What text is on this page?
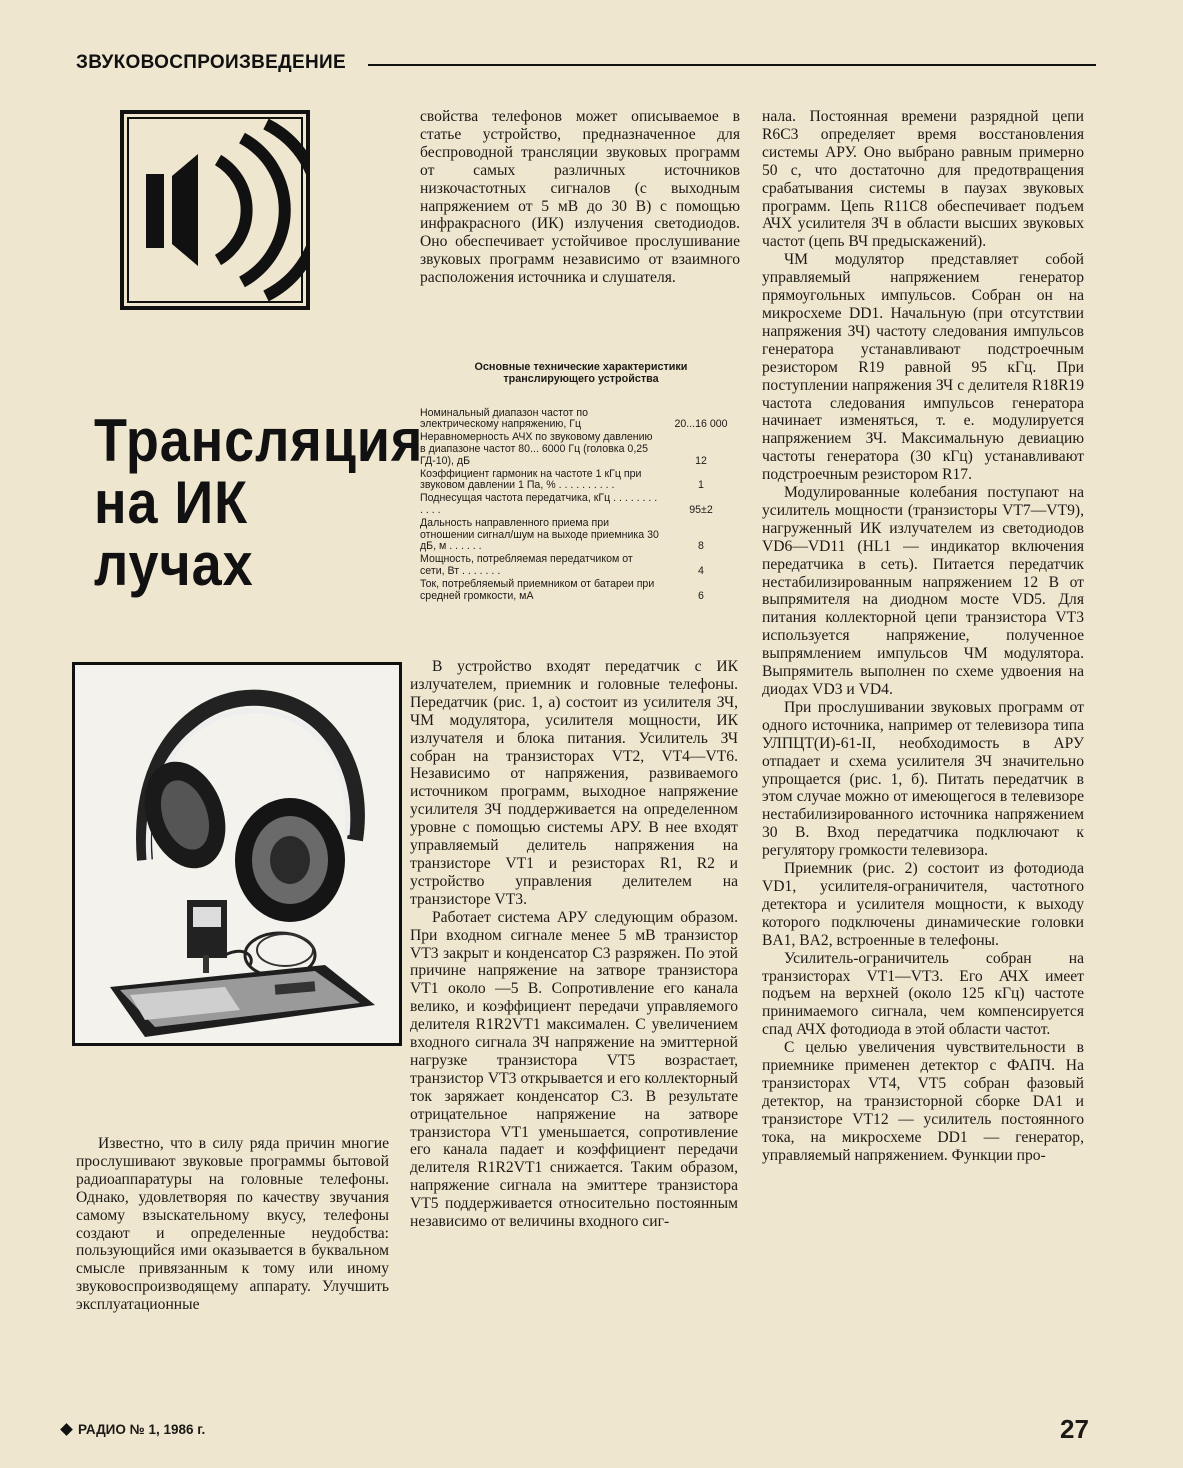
ЗВУКОВОСПРОИЗВЕДЕНИЕ
Трансляция
на ИК лучах
Основные технические характеристики
транслирующего устройства
Номинальный диапазон частот по электрическому напряжению, Гц	20...16 000
Неравномерность АЧХ по звуковому давлению в диапазоне частот 80... 6000 Гц (головка 0,25 ГД-10), дБ	12
Коэффициент гармоник на частоте 1 кГц при звуковом давлении 1 Па, % . . . . . . . . . .	1
Поднесущая частота передатчика, кГц . . . . . . . . . . . .	95±2
Дальность направленного приема при отношении сигнал/шум на выходе приемника 30 дБ, м . . . . . .	8
Мощность, потребляемая передатчиком от сети, Вт . . . . . . .	4
Ток, потребляемый приемником от батареи при средней громкости, мА	6

Известно, что в силу ряда причин многие прослушивают звуковые программы бытовой радиоаппаратуры на головные телефоны. Однако, удовлетворяя по качеству звучания самому взыскательному вкусу, телефоны создают и определенные неудобства: пользующийся ими оказывается в буквальном смысле привязанным к тому или иному звуковоспроизводящему аппарату. Улучшить эксплуатационные

свойства телефонов может описываемое в статье устройство, предназначенное для беспроводной трансляции звуковых программ от самых различных источников низкочастотных сигналов (с выходным напряжением от 5 мВ до 30 В) с помощью инфракрасного (ИК) излучения светодиодов. Оно обеспечивает устойчивое прослушивание звуковых программ независимо от взаимного расположения источника и слушателя.

В устройство входят передатчик с ИК излучателем, приемник и головные телефоны. Передатчик (рис. 1, а) состоит из усилителя ЗЧ, ЧМ модулятора, усилителя мощности, ИК излучателя и блока питания. Усилитель ЗЧ собран на транзисторах VT2, VT4—VT6. Независимо от напряжения, развиваемого источником программ, выходное напряжение усилителя ЗЧ поддерживается на определенном уровне с помощью системы АРУ. В нее входят управляемый делитель напряжения на транзисторе VT1 и резисторах R1, R2 и устройство управления делителем на транзисторе VT3.

Работает система АРУ следующим образом. При входном сигнале менее 5 мВ транзистор VT3 закрыт и конденсатор С3 разряжен. По этой причине напряжение на затворе транзистора VT1 около —5 В. Сопротивление его канала велико, и коэффициент передачи управляемого делителя R1R2VT1 максимален. С увеличением входного сигнала ЗЧ напряжение на эмиттерной нагрузке транзистора VT5 возрастает, транзистор VT3 открывается и его коллекторный ток заряжает конденсатор С3. В результате отрицательное напряжение на затворе транзистора VT1 уменьшается, сопротивление его канала падает и коэффициент передачи делителя R1R2VT1 снижается. Таким образом, напряжение сигнала на эмиттере транзистора VT5 поддерживается относительно постоянным независимо от величины входного сиг-

нала. Постоянная времени разрядной цепи R6C3 определяет время восстановления системы АРУ. Оно выбрано равным примерно 50 с, что достаточно для предотвращения срабатывания системы в паузах звуковых программ. Цепь R11C8 обеспечивает подъем АЧХ усилителя ЗЧ в области высших звуковых частот (цепь ВЧ предыскажений).

ЧМ модулятор представляет собой управляемый напряжением генератор прямоугольных импульсов. Собран он на микросхеме DD1. Начальную (при отсутствии напряжения ЗЧ) частоту следования импульсов генератора устанавливают подстроечным резистором R19 равной 95 кГц. При поступлении напряжения ЗЧ с делителя R18R19 частота следования импульсов генератора начинает изменяться, т. е. модулируется напряжением ЗЧ. Максимальную девиацию частоты генератора (30 кГц) устанавливают подстроечным резистором R17.

Модулированные колебания поступают на усилитель мощности (транзисторы VT7—VT9), нагруженный ИК излучателем из светодиодов VD6—VD11 (HL1 — индикатор включения передатчика в сеть). Питается передатчик нестабилизированным напряжением 12 В от выпрямителя на диодном мосте VD5. Для питания коллекторной цепи транзистора VT3 используется напряжение, полученное выпрямлением импульсов ЧМ модулятора. Выпрямитель выполнен по схеме удвоения на диодах VD3 и VD4.

При прослушивании звуковых программ от одного источника, например от телевизора типа УЛПЦТ(И)-61-II, необходимость в АРУ отпадает и схема усилителя ЗЧ значительно упрощается (рис. 1, б). Питать передатчик в этом случае можно от имеющегося в телевизоре нестабилизированного источника напряжением 30 В. Вход передатчика подключают к регулятору громкости телевизора.

Приемник (рис. 2) состоит из фотодиода VD1, усилителя-ограничителя, частотного детектора и усилителя мощности, к выходу которого подключены динамические головки BA1, BA2, встроенные в телефоны.

Усилитель-ограничитель собран на транзисторах VT1—VT3. Его АЧХ имеет подъем на верхней (около 125 кГц) частоте принимаемого сигнала, чем компенсируется спад АЧХ фотодиода в этой области частот.

С целью увеличения чувствительности в приемнике применен детектор с ФАПЧ. На транзисторах VT4, VT5 собран фазовый детектор, на транзисторной сборке DA1 и транзисторе VT12 — усилитель постоянного тока, на микросхеме DD1 — генератор, управляемый напряжением. Функции про-

РАДИО № 1, 1986 г.	27
